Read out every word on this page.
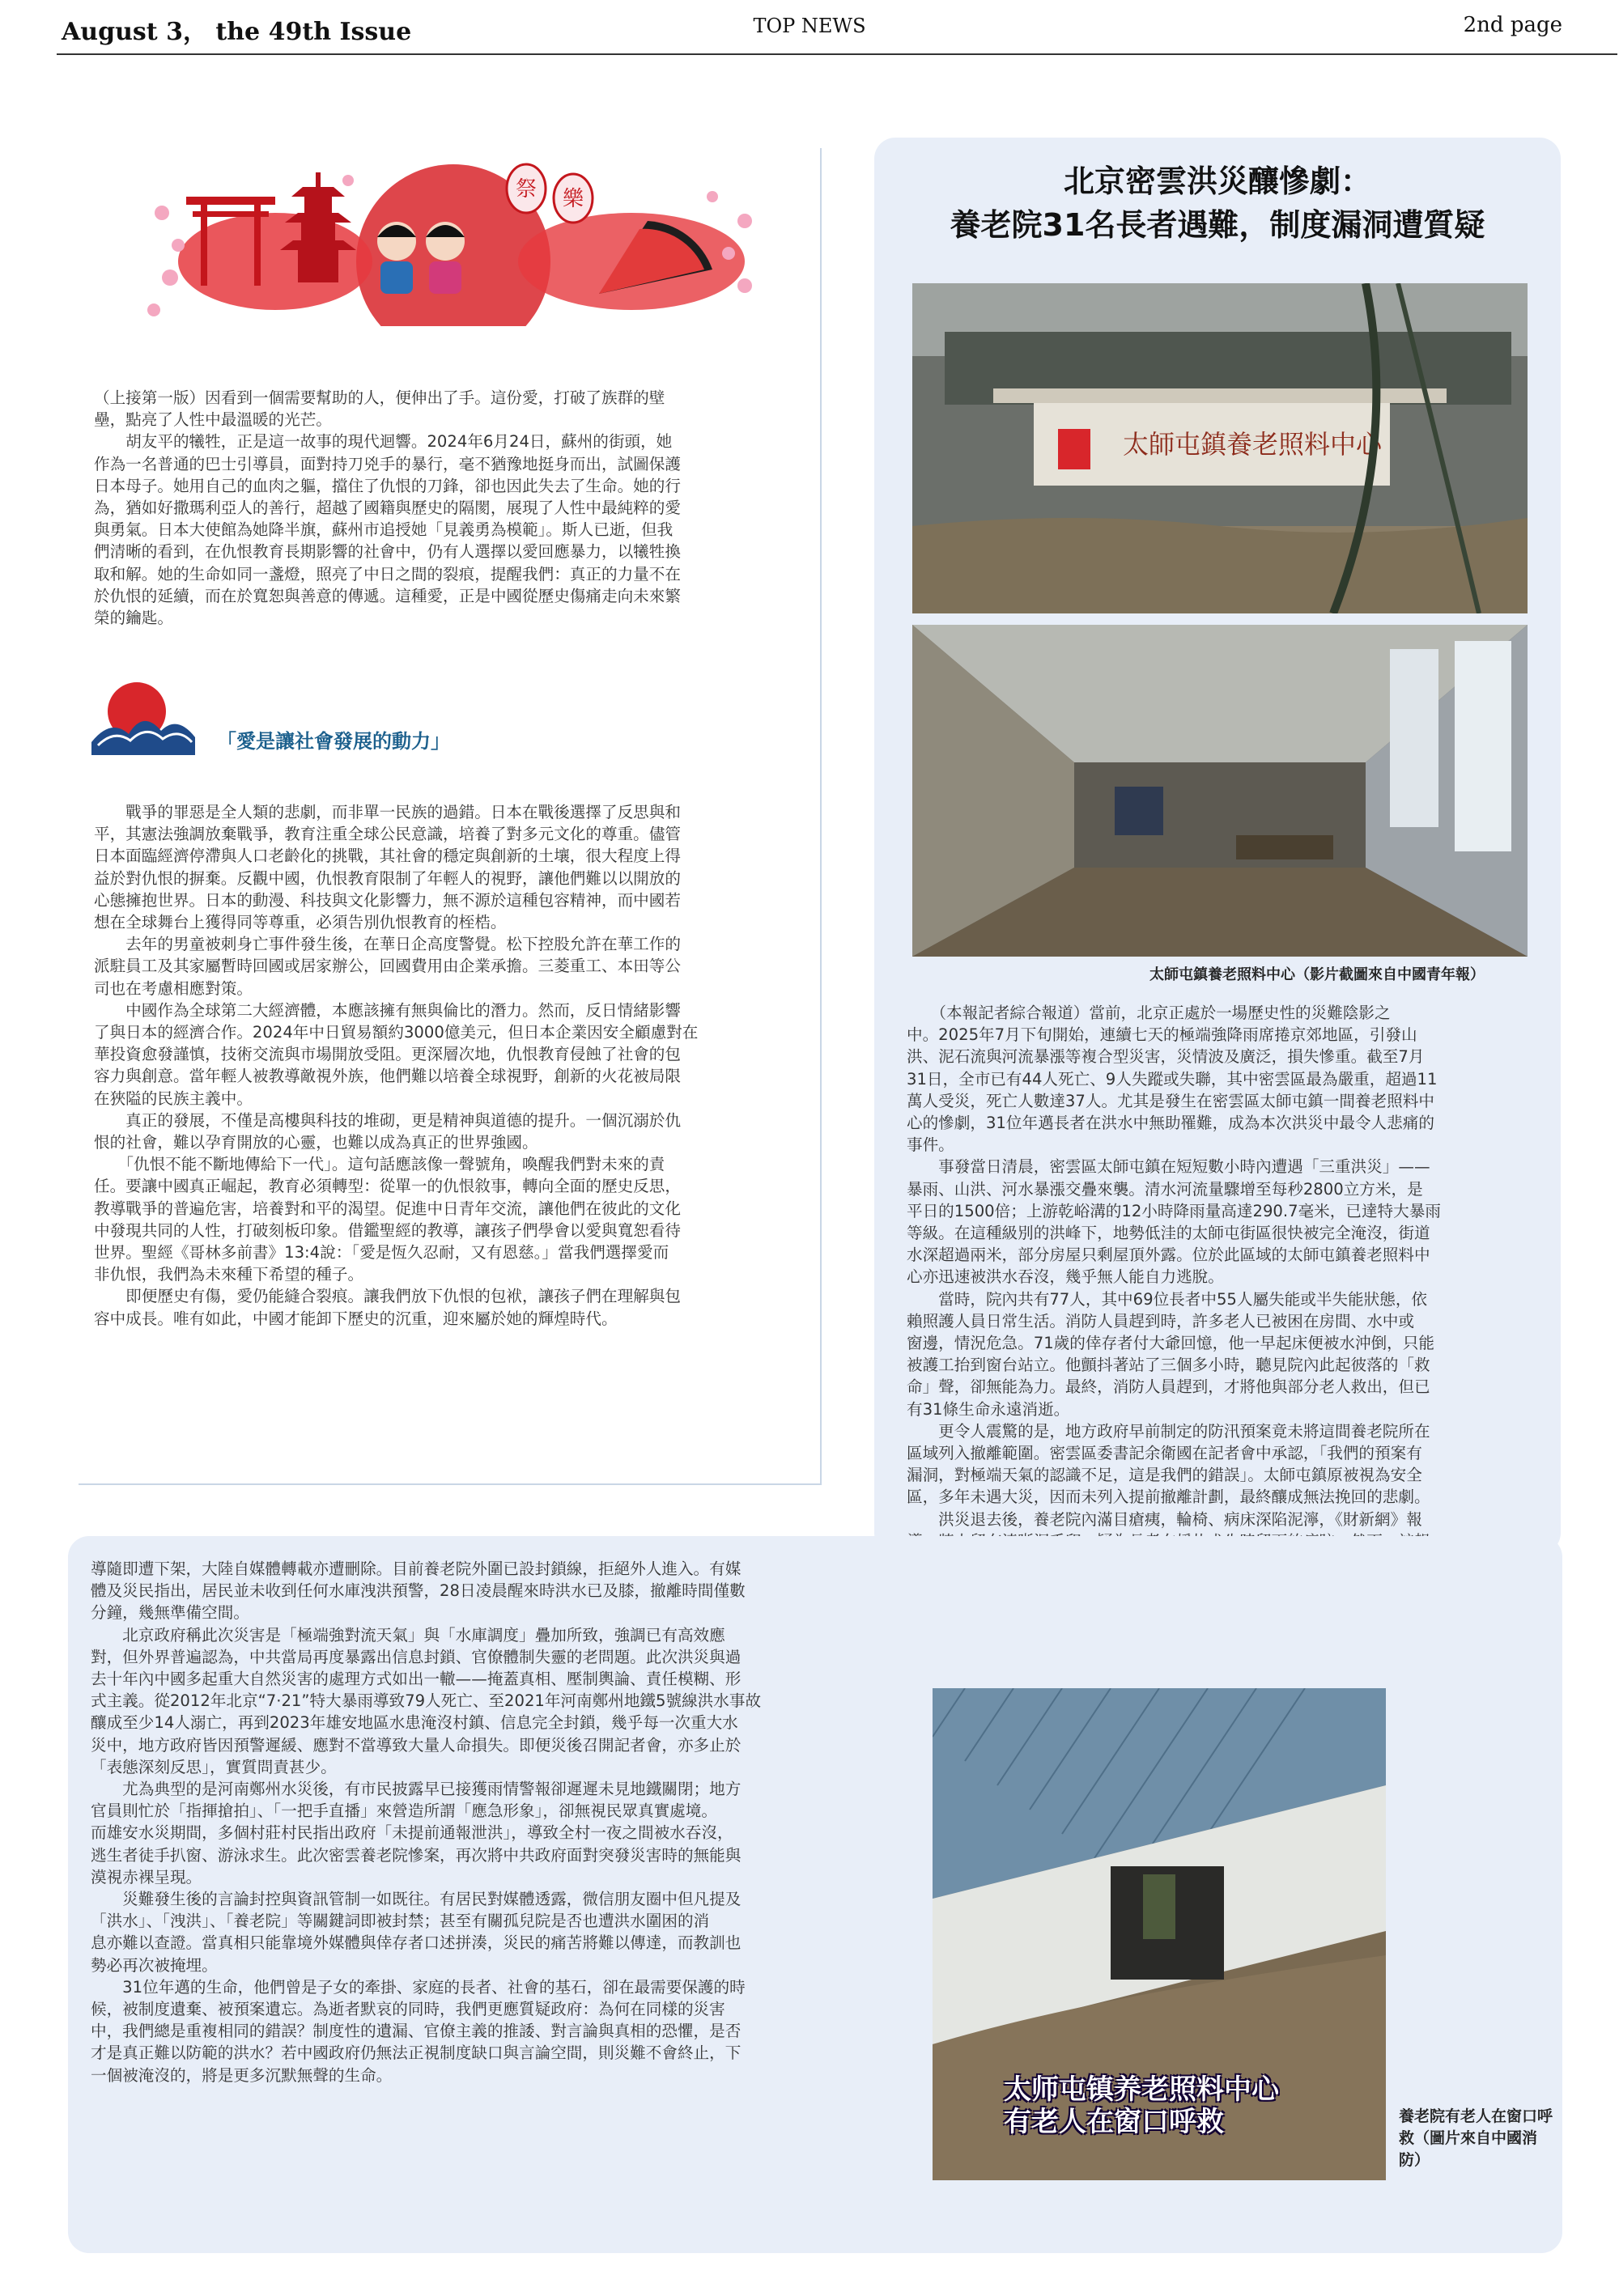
August 3， the 49th Issue	TOP NEWS	2nd page
祭 樂
（上接第一版）因看到一個需要幫助的人，便伸出了手。這份愛，打破了族群的壁
壘，點亮了人性中最溫暖的光芒。
　　胡友平的犧牲，正是這一故事的現代迴響。2024年6月24日，蘇州的街頭，她
作為一名普通的巴士引導員，面對持刀兇手的暴行，毫不猶豫地挺身而出，試圖保護
日本母子。她用自己的血肉之軀，擋住了仇恨的刀鋒，卻也因此失去了生命。她的行
為，猶如好撒瑪利亞人的善行，超越了國籍與歷史的隔閡，展現了人性中最純粹的愛
與勇氣。日本大使館為她降半旗，蘇州市追授她「見義勇為模範」。斯人已逝，但我
們清晰的看到，在仇恨教育長期影響的社會中，仍有人選擇以愛回應暴力，以犧牲換
取和解。她的生命如同一盞燈，照亮了中日之間的裂痕，提醒我們：真正的力量不在
於仇恨的延續，而在於寬恕與善意的傳遞。這種愛，正是中國從歷史傷痛走向未來繁
榮的鑰匙。
「愛是讓社會發展的動力」
　　戰爭的罪惡是全人類的悲劇，而非單一民族的過錯。日本在戰後選擇了反思與和
平，其憲法強調放棄戰爭，教育注重全球公民意識，培養了對多元文化的尊重。儘管
日本面臨經濟停滯與人口老齡化的挑戰，其社會的穩定與創新的土壤，很大程度上得
益於對仇恨的摒棄。反觀中國，仇恨教育限制了年輕人的視野，讓他們難以以開放的
心態擁抱世界。日本的動漫、科技與文化影響力，無不源於這種包容精神，而中國若
想在全球舞台上獲得同等尊重，必須告別仇恨教育的桎梏。
　　去年的男童被刺身亡事件發生後，在華日企高度警覺。松下控股允許在華工作的
派駐員工及其家屬暫時回國或居家辦公，回國費用由企業承擔。三菱重工、本田等公
司也在考慮相應對策。
　　中國作為全球第二大經濟體，本應該擁有無與倫比的潛力。然而，反日情緒影響
了與日本的經濟合作。2024年中日貿易額約3000億美元，但日本企業因安全顧慮對在
華投資愈發謹慎，技術交流與市場開放受阻。更深層次地，仇恨教育侵蝕了社會的包
容力與創意。當年輕人被教導敵視外族，他們難以培養全球視野，創新的火花被局限
在狹隘的民族主義中。
　　真正的發展，不僅是高樓與科技的堆砌，更是精神與道德的提升。一個沉溺於仇
恨的社會，難以孕育開放的心靈，也難以成為真正的世界強國。
　　「仇恨不能不斷地傳給下一代」。這句話應該像一聲號角，喚醒我們對未來的責
任。要讓中國真正崛起，教育必須轉型：從單一的仇恨敘事，轉向全面的歷史反思，
教導戰爭的普遍危害，培養對和平的渴望。促進中日青年交流，讓他們在彼此的文化
中發現共同的人性，打破刻板印象。借鑑聖經的教導，讓孩子們學會以愛與寬恕看待
世界。聖經《哥林多前書》13:4說：「愛是恆久忍耐，又有恩慈。」當我們選擇愛而
非仇恨，我們為未來種下希望的種子。
　　即便歷史有傷，愛仍能縫合裂痕。讓我們放下仇恨的包袱，讓孩子們在理解與包
容中成長。唯有如此，中國才能卸下歷史的沉重，迎來屬於她的輝煌時代。
北京密雲洪災釀慘劇：
養老院31名長者遇難，制度漏洞遭質疑
太師屯鎮養老照料中心
太師屯鎮養老照料中心（影片截圖來自中國青年報）
　　（本報記者綜合報道）當前，北京正處於一場歷史性的災難陰影之
中。2025年7月下旬開始，連續七天的極端強降雨席捲京郊地區，引發山
洪、泥石流與河流暴漲等複合型災害，災情波及廣泛，損失慘重。截至7月
31日，全市已有44人死亡、9人失蹤或失聯，其中密雲區最為嚴重，超過11
萬人受災，死亡人數達37人。尤其是發生在密雲區太師屯鎮一間養老照料中
心的慘劇，31位年邁長者在洪水中無助罹難，成為本次洪災中最令人悲痛的
事件。
　　事發當日清晨，密雲區太師屯鎮在短短數小時內遭遇「三重洪災」——
暴雨、山洪、河水暴漲交疊來襲。清水河流量驟增至每秒2800立方米，是
平日的1500倍；上游乾峪溝的12小時降雨量高達290.7毫米，已達特大暴雨
等級。在這種級別的洪峰下，地勢低洼的太師屯街區很快被完全淹沒，街道
水深超過兩米，部分房屋只剩屋頂外露。位於此區域的太師屯鎮養老照料中
心亦迅速被洪水吞沒，幾乎無人能自力逃脫。
　　當時，院內共有77人，其中69位長者中55人屬失能或半失能狀態，依
賴照護人員日常生活。消防人員趕到時，許多老人已被困在房間、水中或
窗邊，情況危急。71歲的倖存者付大爺回憶，他一早起床便被水沖倒，只能
被護工抬到窗台站立。他顫抖著站了三個多小時，聽見院內此起彼落的「救
命」聲，卻無能為力。最終，消防人員趕到，才將他與部分老人救出，但已
有31條生命永遠消逝。
　　更令人震驚的是，地方政府早前制定的防汛預案竟未將這間養老院所在
區域列入撤離範圍。密雲區委書記余衛國在記者會中承認，「我們的預案有
漏洞，對極端天氣的認識不足，這是我們的錯誤」。太師屯鎮原被視為安全
區，多年未遇大災，因而未列入提前撤離計劃，最終釀成無法挽回的悲劇。
　　洪災退去後，養老院內滿目瘡痍，輪椅、病床深陷泥濘，《財新網》報

導隨即遭下架，大陸自媒體轉載亦遭刪除。目前養老院外圍已設封鎖線，拒絕外人進入。有媒
體及災民指出，居民並未收到任何水庫洩洪預警，28日凌晨醒來時洪水已及膝，撤離時間僅數
分鐘，幾無準備空間。
　　北京政府稱此次災害是「極端強對流天氣」與「水庫調度」疊加所致，強調已有高效應
對，但外界普遍認為，中共當局再度暴露出信息封鎖、官僚體制失靈的老問題。此次洪災與過
去十年內中國多起重大自然災害的處理方式如出一轍——掩蓋真相、壓制輿論、責任模糊、形
式主義。從2012年北京“7·21”特大暴雨導致79人死亡、至2021年河南鄭州地鐵5號線洪水事故
釀成至少14人溺亡，再到2023年雄安地區水患淹沒村鎮、信息完全封鎖，幾乎每一次重大水
災中，地方政府皆因預警遲緩、應對不當導致大量人命損失。即便災後召開記者會，亦多止於
「表態深刻反思」，實質問責甚少。
　　尤為典型的是河南鄭州水災後，有市民披露早已接獲雨情警報卻遲遲未見地鐵關閉；地方
官員則忙於「指揮搶拍」、「一把手直播」來營造所謂「應急形象」，卻無視民眾真實處境。
而雄安水災期間，多個村莊村民指出政府「未提前通報泄洪」，導致全村一夜之間被水吞沒，
逃生者徒手扒窗、游泳求生。此次密雲養老院慘案，再次將中共政府面對突發災害時的無能與
漠視赤裸呈現。
　　災難發生後的言論封控與資訊管制一如既往。有居民對媒體透露，微信朋友圈中但凡提及
「洪水」、「洩洪」、「養老院」等關鍵詞即被封禁；甚至有關孤兒院是否也遭洪水圍困的消
息亦難以查證。當真相只能靠境外媒體與倖存者口述拼湊，災民的痛苦將難以傳達，而教訓也
勢必再次被掩埋。
　　31位年邁的生命，他們曾是子女的牽掛、家庭的長者、社會的基石，卻在最需要保護的時
候，被制度遺棄、被預案遺忘。為逝者默哀的同時，我們更應質疑政府：為何在同樣的災害
中，我們總是重複相同的錯誤？制度性的遺漏、官僚主義的推諉、對言論與真相的恐懼，是否
才是真正難以防範的洪水？若中國政府仍無法正視制度缺口與言論空間，則災難不會終止，下
一個被淹沒的，將是更多沉默無聲的生命。	太师屯镇养老照料中心
有老人在窗口呼救	養老院有老人在窗口呼救（圖片來自中國消防）
